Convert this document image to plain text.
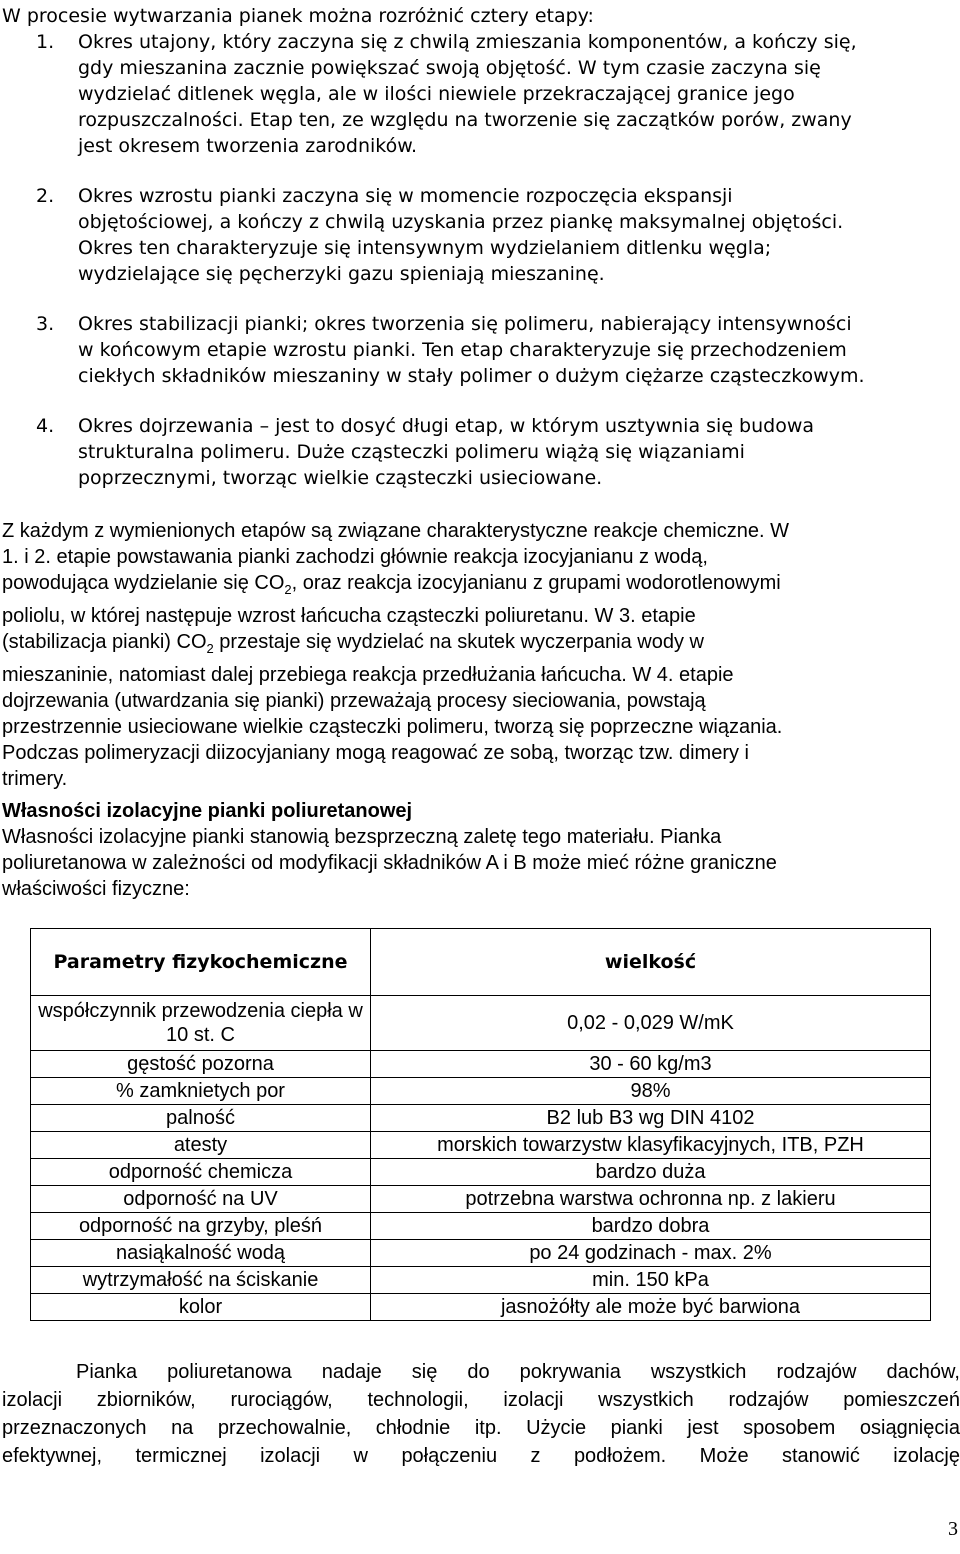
W procesie wytwarzania pianek można rozróżnić cztery etapy:
1. Okres utajony, który zaczyna się z chwilą zmieszania komponentów, a kończy się,
gdy mieszanina zacznie powiększać swoją objętość. W tym czasie zaczyna się
wydzielać ditlenek węgla, ale w ilości niewiele przekraczającej granice jego
rozpuszczalności. Etap ten, ze względu na tworzenie się zaczątków porów, zwany
jest okresem tworzenia zarodników.
2. Okres wzrostu pianki zaczyna się w momencie rozpoczęcia ekspansji
objętościowej, a kończy z chwilą uzyskania przez piankę maksymalnej objętości.
Okres ten charakteryzuje się intensywnym wydzielaniem ditlenku węgla;
wydzielające się pęcherzyki gazu spieniają mieszaninę.
3. Okres stabilizacji pianki; okres tworzenia się polimeru, nabierający intensywności
w końcowym etapie wzrostu pianki. Ten etap charakteryzuje się przechodzeniem
ciekłych składników mieszaniny w stały polimer o dużym ciężarze cząsteczkowym.
4. Okres dojrzewania – jest to dosyć długi etap, w którym usztywnia się budowa
strukturalna polimeru. Duże cząsteczki polimeru wiążą się wiązaniami
poprzecznymi, tworząc wielkie cząsteczki usieciowane.
Z każdym z wymienionych etapów są związane charakterystyczne reakcje chemiczne. W
1. i 2. etapie powstawania pianki zachodzi głównie reakcja izocyjanianu z wodą,
powodująca wydzielanie się $CO_2$, oraz reakcja izocyjanianu z grupami wodorotlenowymi
poliolu, w której następuje wzrost łańcucha cząsteczki poliuretanu. W 3. etapie
(stabilizacja pianki) $CO_2$ przestaje się wydzielać na skutek wyczerpania wody w
mieszaninie, natomiast dalej przebiega reakcja przedłużania łańcucha. W 4. etapie
dojrzewania (utwardzania się pianki) przeważają procesy sieciowania, powstają
przestrzennie usieciowane wielkie cząsteczki polimeru, tworzą się poprzeczne wiązania.
Podczas polimeryzacji diizocyjaniany mogą reagować ze sobą, tworząc tzw. dimery i
trimery.
Własności izolacyjne pianki poliuretanowej
Własności izolacyjne pianki stanowią bezsprzeczną zaletę tego materiału. Pianka
poliuretanowa w zależności od modyfikacji składników A i B może mieć różne graniczne
właściwości fizyczne:
Parametry fizykochemiczne	wielkość
współczynnik przewodzenia ciepła w 10 st. C	0,02 - 0,029 W/mK
gęstość pozorna	30 - 60 kg/m3
% zamknietych por	98%
palność	B2 lub B3 wg DIN 4102
atesty	morskich towarzystw klasyfikacyjnych, ITB, PZH
odporność chemicza	bardzo duża
odporność na UV	potrzebna warstwa ochronna np. z lakieru
odporność na grzyby, pleśń	bardzo dobra
nasiąkalność wodą	po 24 godzinach - max. 2%
wytrzymałość na ściskanie	min. 150 kPa
kolor	jasnożółty ale może być barwiona
Pianka poliuretanowa nadaje się do pokrywania wszystkich rodzajów dachów,
izolacji zbiorników, rurociągów, technologii, izolacji wszystkich rodzajów pomieszczeń
przeznaczonych na przechowalnie, chłodnie itp. Użycie pianki jest sposobem osiągnięcia
efektywnej, termicznej izolacji w połączeniu z podłożem. Może stanowić izolację
3
